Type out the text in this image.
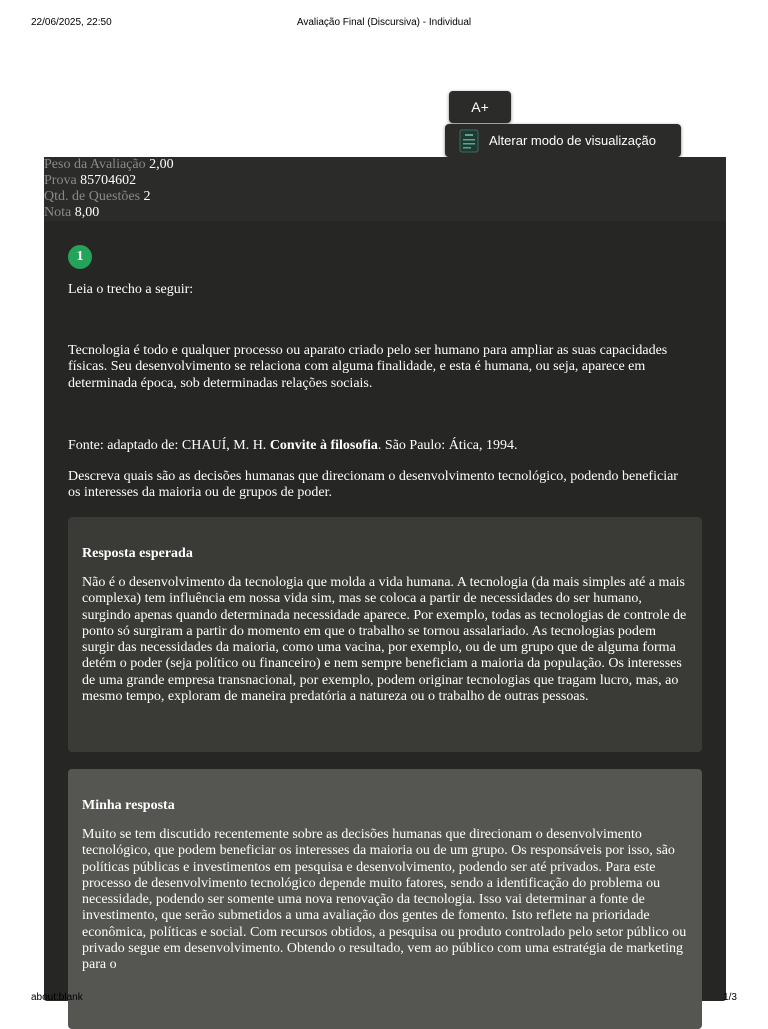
22/06/2025, 22:50	Avaliação Final (Discursiva) - Individual
A+
Alterar modo de visualização
Peso da Avaliação 2,00
Prova 85704602
Qtd. de Questões 2
Nota 8,00
1
Leia o trecho a seguir:
Tecnologia é todo e qualquer processo ou aparato criado pelo ser humano para ampliar as suas capacidades físicas. Seu desenvolvimento se relaciona com alguma finalidade, e esta é humana, ou seja, aparece em determinada época, sob determinadas relações sociais.
Fonte: adaptado de: CHAUÍ, M. H. Convite à filosofia. São Paulo: Ática, 1994.
Descreva quais são as decisões humanas que direcionam o desenvolvimento tecnológico, podendo beneficiar os interesses da maioria ou de grupos de poder.
Resposta esperada
Não é o desenvolvimento da tecnologia que molda a vida humana. A tecnologia (da mais simples até a mais complexa) tem influência em nossa vida sim, mas se coloca a partir de necessidades do ser humano, surgindo apenas quando determinada necessidade aparece. Por exemplo, todas as tecnologias de controle de ponto só surgiram a partir do momento em que o trabalho se tornou assalariado. As tecnologias podem surgir das necessidades da maioria, como uma vacina, por exemplo, ou de um grupo que de alguma forma detém o poder (seja político ou financeiro) e nem sempre beneficiam a maioria da população. Os interesses de uma grande empresa transnacional, por exemplo, podem originar tecnologias que tragam lucro, mas, ao mesmo tempo, exploram de maneira predatória a natureza ou o trabalho de outras pessoas.
Minha resposta
Muito se tem discutido recentemente sobre as decisões humanas que direcionam o desenvolvimento tecnológico, que podem beneficiar os interesses da maioria ou de um grupo. Os responsáveis por isso, são políticas públicas e investimentos em pesquisa e desenvolvimento, podendo ser até privados. Para este processo de desenvolvimento tecnológico depende muito fatores, sendo a identificação do problema ou necessidade, podendo ser somente uma nova renovação da tecnologia. Isso vai determinar a fonte de investimento, que serão submetidos a uma avaliação dos gentes de fomento. Isto reflete na prioridade econômica, políticas e social. Com recursos obtidos, a pesquisa ou produto controlado pelo setor público ou privado segue em desenvolvimento. Obtendo o resultado, vem ao público com uma estratégia de marketing para o
about:blank	1/3
